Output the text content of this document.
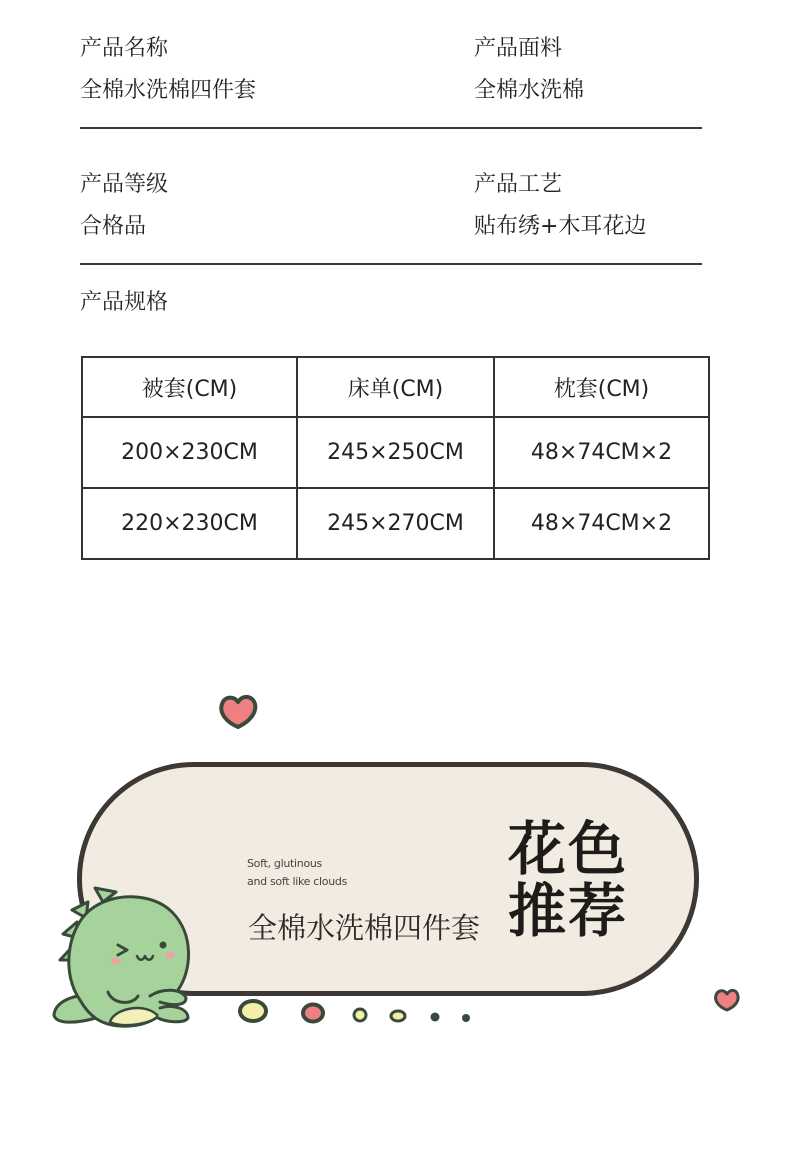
产品名称
全棉水洗棉四件套
产品面料
全棉水洗棉
产品等级
合格品
产品工艺
贴布绣+木耳花边
产品规格
被套(CM)	床单(CM)	枕套(CM)
200×230CM	245×250CM	48×74CM×2
220×230CM	245×270CM	48×74CM×2
Soft, glutinous
and soft like clouds
全棉水洗棉四件套
花色
推荐
